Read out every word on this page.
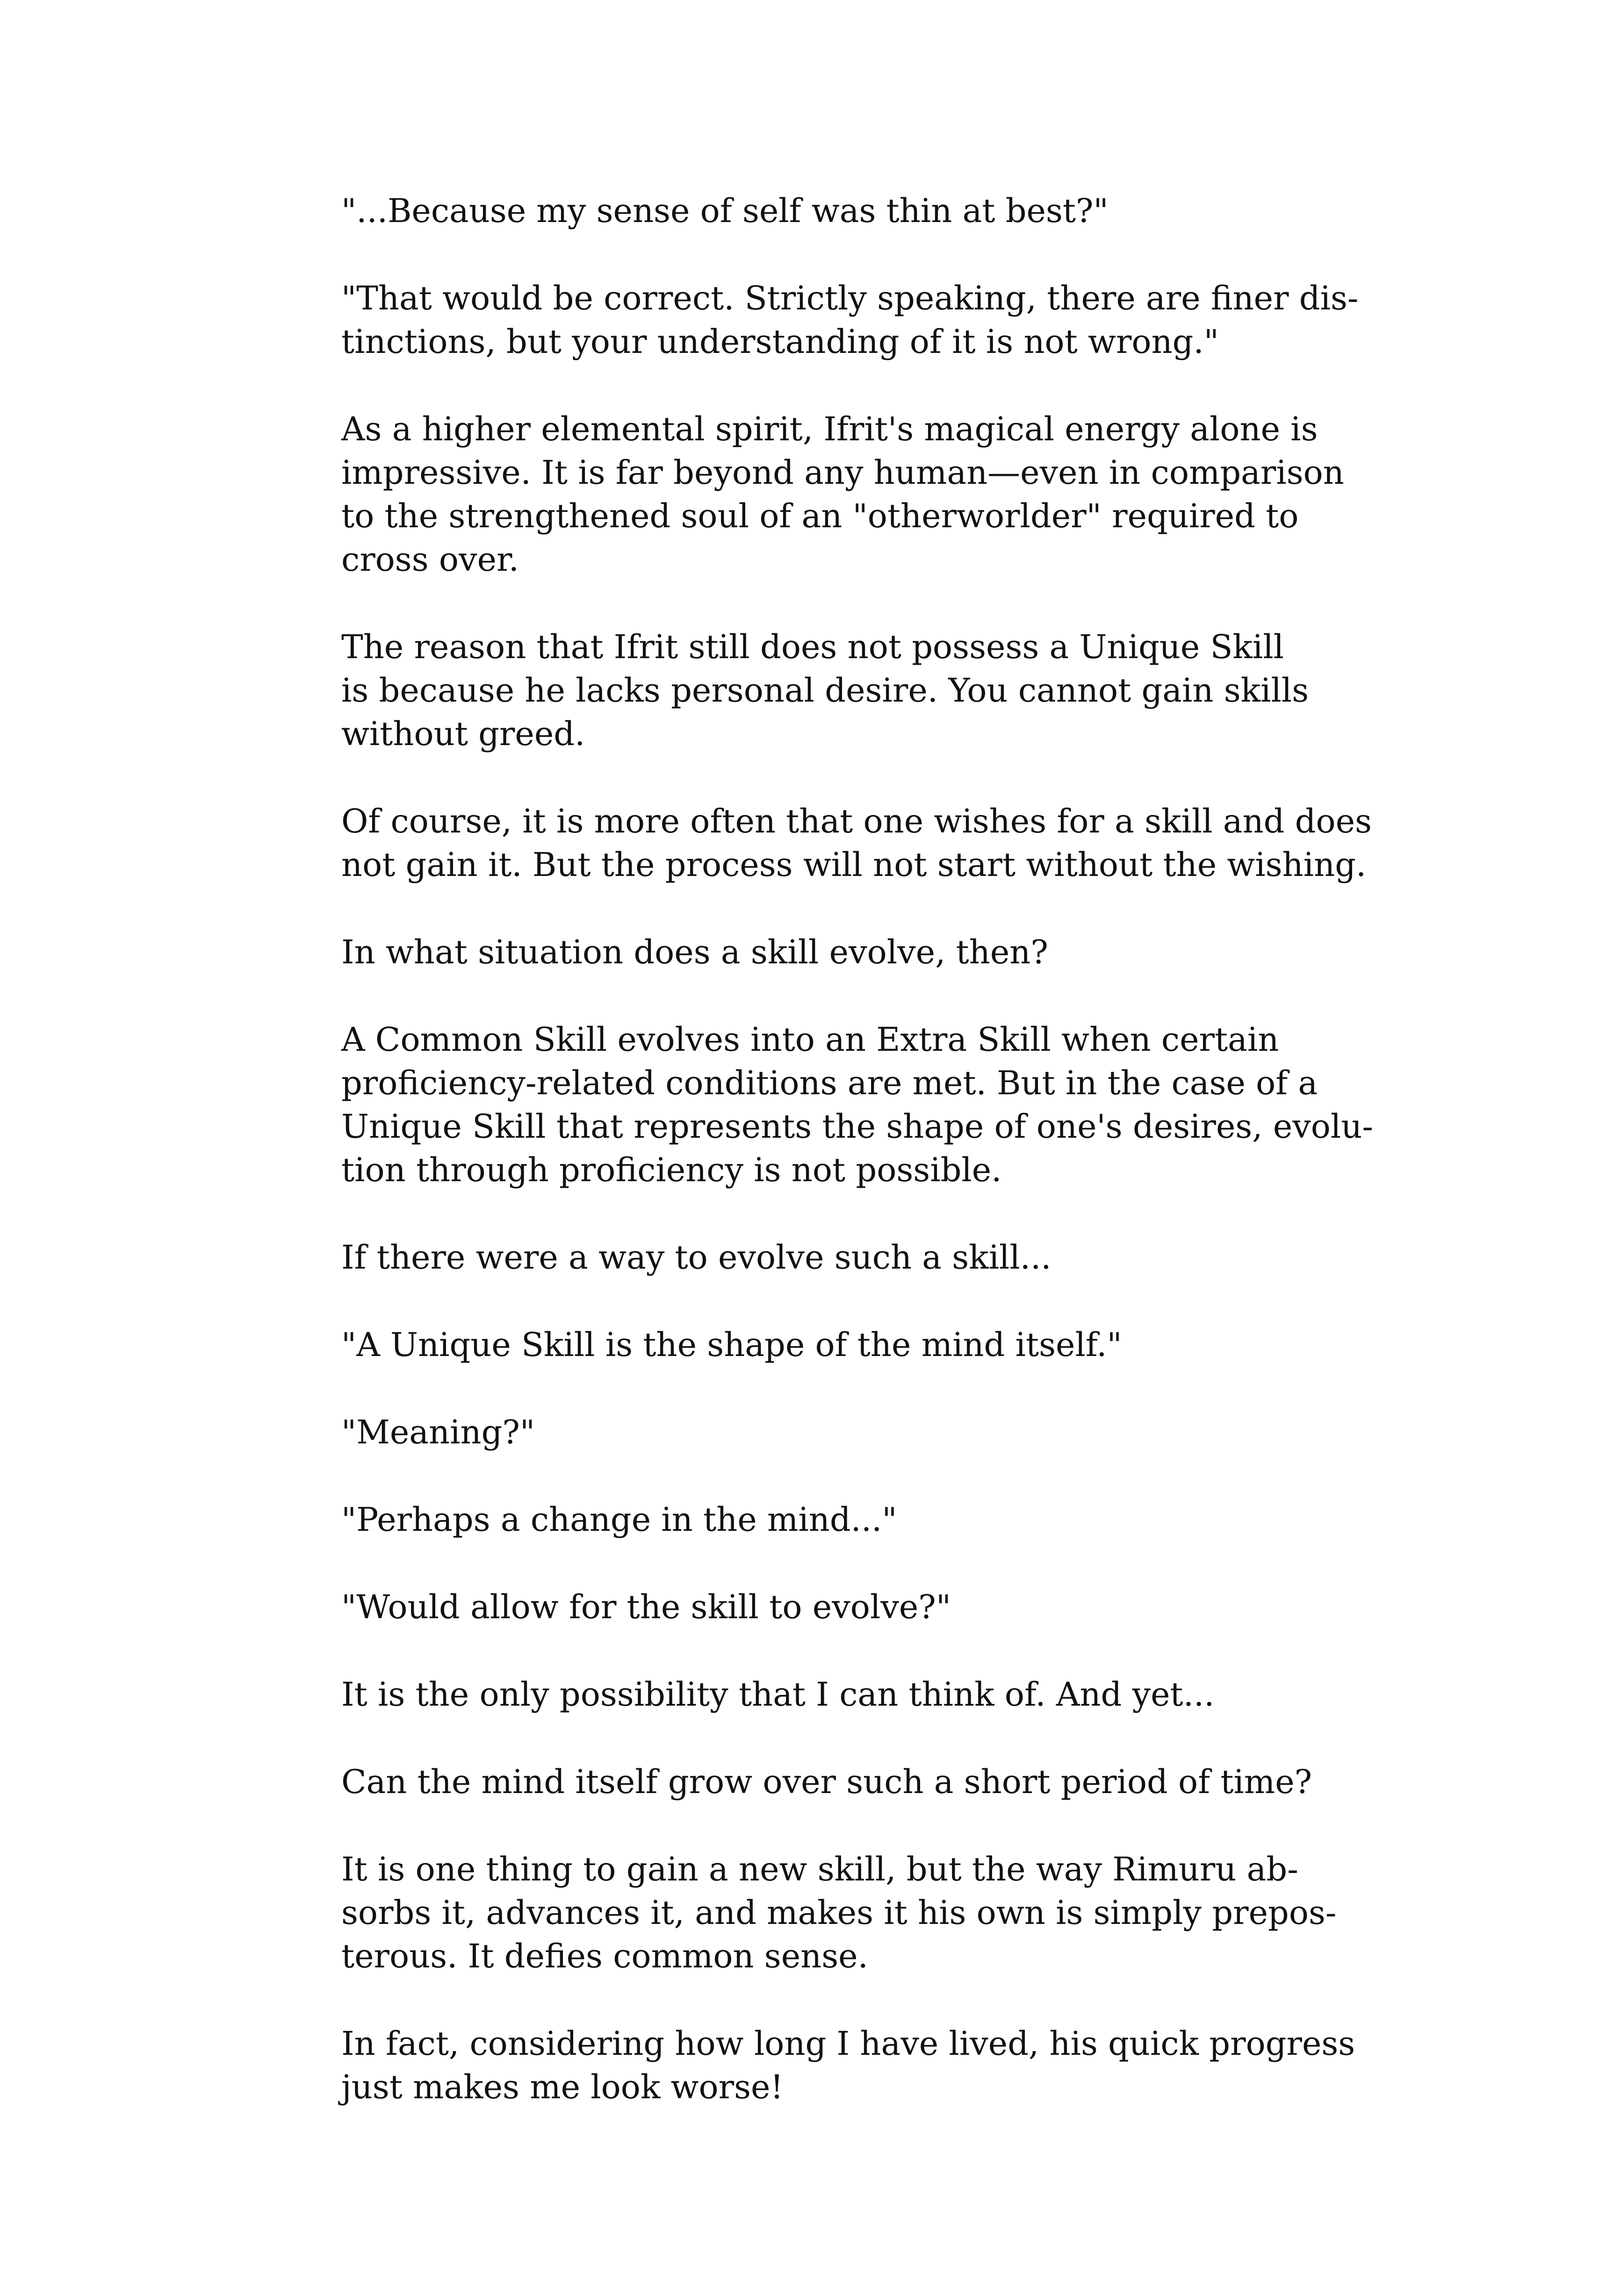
"...Because my sense of self was thin at best?"

"That would be correct. Strictly speaking, there are finer dis-
tinctions, but your understanding of it is not wrong."

As a higher elemental spirit, Ifrit's magical energy alone is
impressive. It is far beyond any human—even in comparison
to the strengthened soul of an "otherworlder" required to
cross over.

The reason that Ifrit still does not possess a Unique Skill
is because he lacks personal desire. You cannot gain skills
without greed.

Of course, it is more often that one wishes for a skill and does
not gain it. But the process will not start without the wishing.

In what situation does a skill evolve, then?

A Common Skill evolves into an Extra Skill when certain
proficiency-related conditions are met. But in the case of a
Unique Skill that represents the shape of one's desires, evolu-
tion through proficiency is not possible.

If there were a way to evolve such a skill...

"A Unique Skill is the shape of the mind itself."

"Meaning?"

"Perhaps a change in the mind..."

"Would allow for the skill to evolve?"

It is the only possibility that I can think of. And yet...

Can the mind itself grow over such a short period of time?

It is one thing to gain a new skill, but the way Rimuru ab-
sorbs it, advances it, and makes it his own is simply prepos-
terous. It defies common sense.

In fact, considering how long I have lived, his quick progress
just makes me look worse!
